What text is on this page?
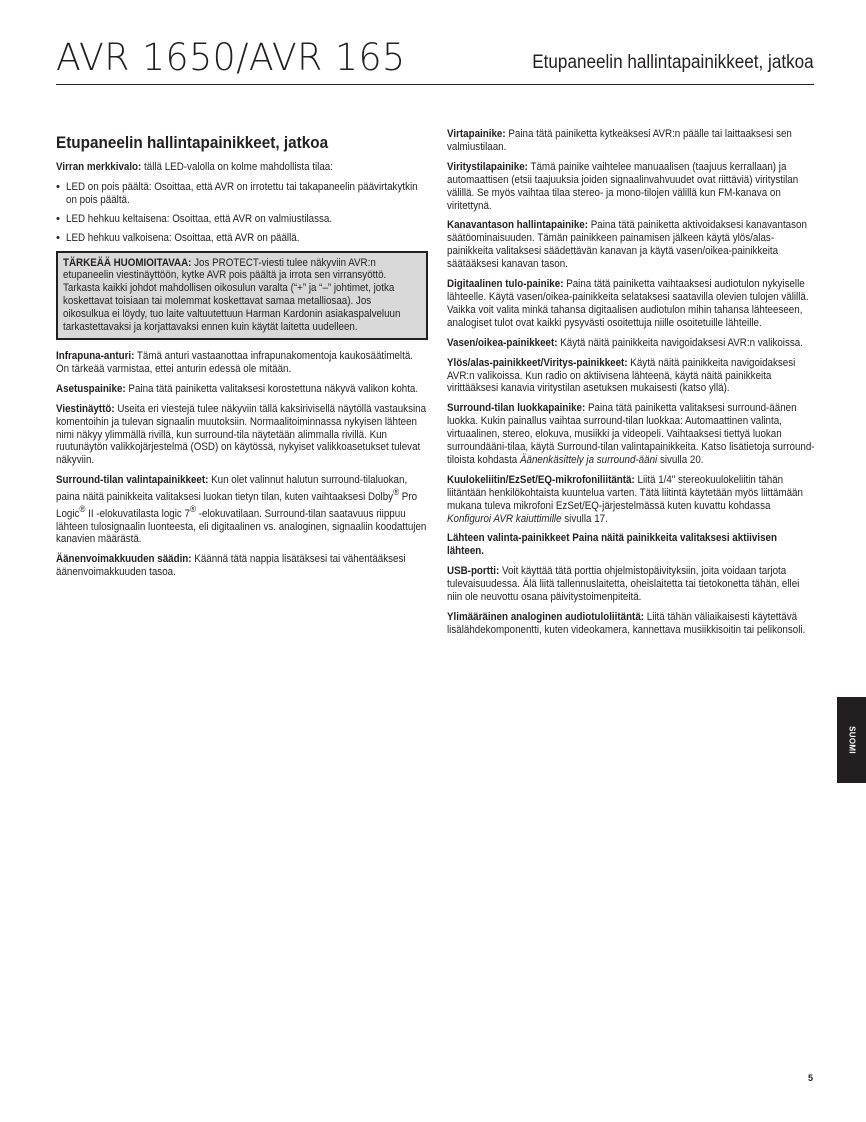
AVR 1650/AVR 165	Etupaneelin hallintapainikkeet, jatkoa
Etupaneelin hallintapainikkeet, jatkoa

Virran merkkivalo: tällä LED-valolla on kolme mahdollista tilaa:

• LED on pois päältä: Osoittaa, että AVR on irrotettu tai takapaneelin päävirtakytkin on pois päältä.
• LED hehkuu keltaisena: Osoittaa, että AVR on valmiustilassa.
• LED hehkuu valkoisena: Osoittaa, että AVR on päällä.

TÄRKEÄÄ HUOMIOITAVAA: Jos PROTECT-viesti tulee näkyviin AVR:n etupaneelin viestinäyttöön, kytke AVR pois päältä ja irrota sen virransyöttö. Tarkasta kaikki johdot mahdollisen oikosulun varalta (“+” ja “–” johtimet, jotka koskettavat toisiaan tai molemmat koskettavat samaa metalliosaa). Jos oikosulkua ei löydy, tuo laite valtuutettuun Harman Kardonin asiakaspalveluun tarkastettavaksi ja korjattavaksi ennen kuin käytät laitetta uudelleen.

Infrapuna-anturi: Tämä anturi vastaanottaa infrapunakomentoja kaukosäätimeltä. On tärkeää varmistaa, ettei anturin edessä ole mitään.

Asetuspainike: Paina tätä painiketta valitaksesi korostettuna näkyvä valikon kohta.

Viestinäyttö: Useita eri viestejä tulee näkyviin tällä kaksirivisellä näytöllä vastauksina komentoihin ja tulevan signaalin muutoksiin. Normaalitoiminnassa nykyisen lähteen nimi näkyy ylimmällä rivillä, kun surround-tila näytetään alimmalla rivillä. Kun ruutunäytön valikkojärjestelmä (OSD) on käytössä, nykyiset valikkoasetukset tulevat näkyviin.

Surround-tilan valintapainikkeet: Kun olet valinnut halutun surround-tilaluokan, paina näitä painikkeita valitaksesi luokan tietyn tilan, kuten vaihtaaksesi Dolby® Pro Logic® II -elokuvatilasta logic 7® -elokuvatilaan. Surround-tilan saatavuus riippuu lähteen tulosignaalin luonteesta, eli digitaalinen vs. analoginen, signaaliin koodattujen kanavien määrästä.

Äänenvoimakkuuden säädin: Käännä tätä nappia lisätäksesi tai vähentääksesi äänenvoimakkuuden tasoa.

Virtapainike: Paina tätä painiketta kytkeäksesi AVR:n päälle tai laittaaksesi sen valmiustilaan.

Viritystilapainike: Tämä painike vaihtelee manuaalisen (taajuus kerrallaan) ja automaattisen (etsii taajuuksia joiden signaalinvahvuudet ovat riittäviä) viritystilan välillä. Se myös vaihtaa tilaa stereo- ja mono-tilojen välillä kun FM-kanava on viritettynä.

Kanavantason hallintapainike: Paina tätä painiketta aktivoidaksesi kanavantason säätöominaisuuden. Tämän painikkeen painamisen jälkeen käytä ylös/alas-painikkeita valitaksesi säädettävän kanavan ja käytä vasen/oikea-painikkeita säätääksesi kanavan tason.

Digitaalinen tulo-painike: Paina tätä painiketta vaihtaaksesi audiotulon nykyiselle lähteelle. Käytä vasen/oikea-painikkeita selataksesi saatavilla olevien tulojen välillä. Vaikka voit valita minkä tahansa digitaalisen audiotulon mihin tahansa lähteeseen, analogiset tulot ovat kaikki pysyvästi osoitettuja niille osoitetuille lähteille.

Vasen/oikea-painikkeet: Käytä näitä painikkeita navigoidaksesi AVR:n valikoissa.

Ylös/alas-painikkeet/Viritys-painikkeet: Käytä näitä painikkeita navigoidaksesi AVR:n valikoissa. Kun radio on aktiivisena lähteenä, käytä näitä painikkeita virittääksesi kanavia viritystilan asetuksen mukaisesti (katso yllä).

Surround-tilan luokkapainike: Paina tätä painiketta valitaksesi surround-äänen luokka. Kukin painallus vaihtaa surround-tilan luokkaa: Automaattinen valinta, virtuaalinen, stereo, elokuva, musiikki ja videopeli. Vaihtaaksesi tiettyä luokan surroundääni-tilaa, käytä Surround-tilan valintapainikkeita. Katso lisätietoja surround-tiloista kohdasta Äänenkäsittely ja surround-ääni sivulla 20.

Kuulokeliitin/EzSet/EQ-mikrofoniliitäntä: Liitä 1/4" stereokuulokeliitin tähän liitäntään henkilökohtaista kuuntelua varten. Tätä liitintä käytetään myös liittämään mukana tuleva mikrofoni EzSet/EQ-järjestelmässä kuten kuvattu kohdassa Konfiguroi AVR kaiuttimille sivulla 17.

Lähteen valinta-painikkeet Paina näitä painikkeita valitaksesi aktiivisen lähteen.

USB-portti: Voit käyttää tätä porttia ohjelmistopäivityksiin, joita voidaan tarjota tulevaisuudessa. Älä liitä tallennuslaitetta, oheislaitetta tai tietokonetta tähän, ellei niin ole neuvottu osana päivitystoimenpiteitä.

Ylimääräinen analoginen audiotuloliitäntä: Liitä tähän väliaikaisesti käytettävä lisälähdekomponentti, kuten videokamera, kannettava musiikkisoitin tai pelikonsoli.

SUOMI
5
